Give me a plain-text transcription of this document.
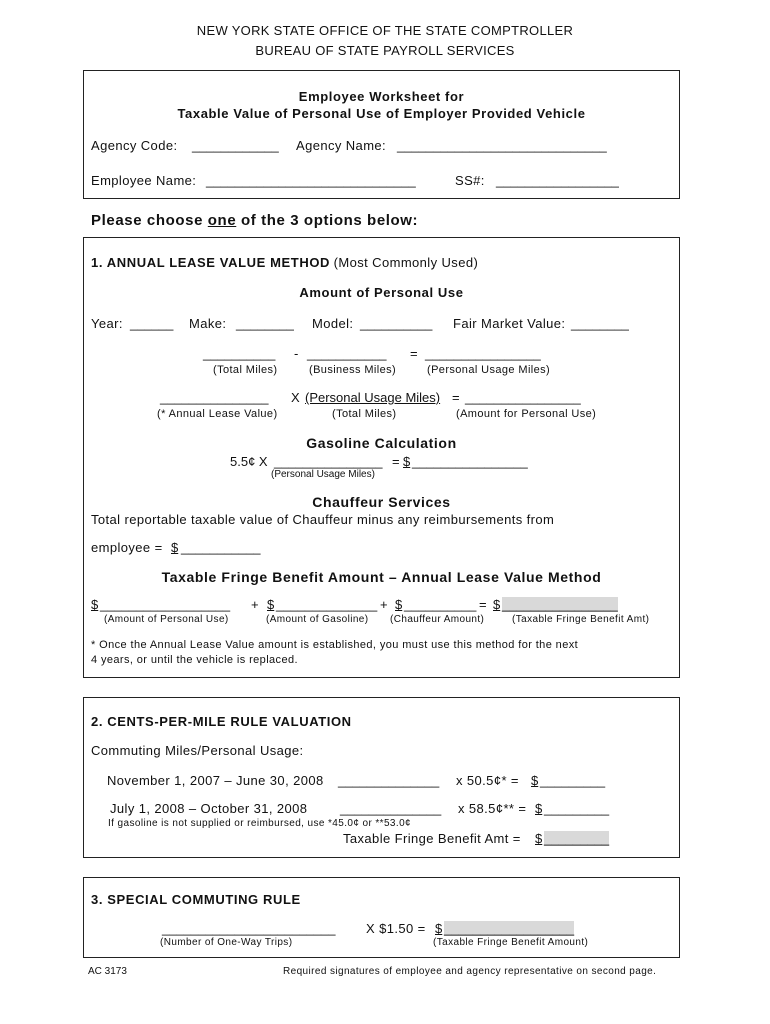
NEW YORK STATE OFFICE OF THE STATE COMPTROLLER
BUREAU OF STATE PAYROLL SERVICES
Employee Worksheet for
Taxable Value of Personal Use of Employer Provided Vehicle
Agency Code: ____________ Agency Name: _____________________________
Employee Name: _____________________________	SS#: _________________
Please choose one of the 3 options below:
1. ANNUAL LEASE VALUE METHOD (Most Commonly Used)
Amount of Personal Use
Year: ______ Make: ________ Model: __________ Fair Market Value: ________
__________ - ___________ = ________________
(Total Miles)	(Business Miles)	(Personal Usage Miles)
_______________ X (Personal Usage Miles) = ________________
(* Annual Lease Value)	(Total Miles)	(Amount for Personal Use)
Gasoline Calculation
5.5¢ X _______________ = $ ________________
(Personal Usage Miles)
Chauffeur Services
Total reportable taxable value of Chauffeur minus any reimbursements from
employee = $ ___________
Taxable Fringe Benefit Amount – Annual Lease Value Method
$ __________________ + $ ______________ + $ __________ = $ ________________
(Amount of Personal Use)	(Amount of Gasoline) (Chauffeur Amount)	(Taxable Fringe Benefit Amt)
* Once the Annual Lease Value amount is established, you must use this method for the next
4 years, or until the vehicle is replaced.
2. CENTS-PER-MILE RULE VALUATION
Commuting Miles/Personal Usage:
November 1, 2007 – June 30, 2008 ______________ x 50.5¢* = $ _________
July 1, 2008 – October 31, 2008	______________ x 58.5¢** = $ _________
If gasoline is not supplied or reimbursed, use *45.0¢ or **53.0¢
Taxable Fringe Benefit Amt = $ _________
3. SPECIAL COMMUTING RULE
________________________ X $1.50 = $ __________________
(Number of One-Way Trips)	(Taxable Fringe Benefit Amount)
AC 3173	Required signatures of employee and agency representative on second page.
